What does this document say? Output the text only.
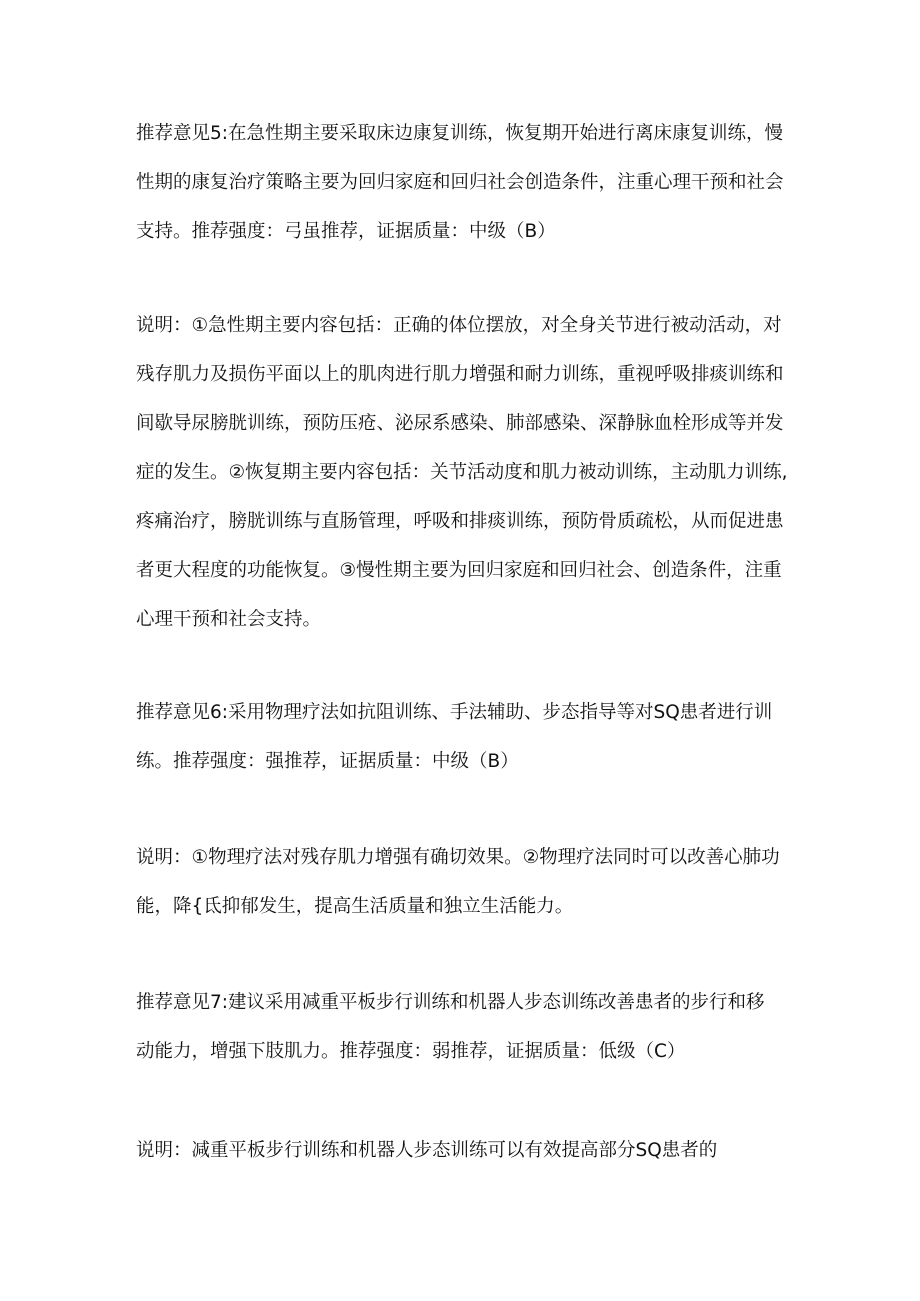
推荐意见5:在急性期主要采取床边康复训练，恢复期开始进行离床康复训练，慢
性期的康复治疗策略主要为回归家庭和回归社会创造条件，注重心理干预和社会
支持。推荐强度：弓虽推荐，证据质量：中级（B）
说明：①急性期主要内容包括：正确的体位摆放，对全身关节进行被动活动，对
残存肌力及损伤平面以上的肌肉进行肌力增强和耐力训练，重视呼吸排痰训练和
间歇导尿膀胱训练，预防压疮、泌尿系感染、肺部感染、深静脉血栓形成等并发
症的发生。②恢复期主要内容包括：关节活动度和肌力被动训练，主动肌力训练,
疼痛治疗，膀胱训练与直肠管理，呼吸和排痰训练，预防骨质疏松，从而促进患
者更大程度的功能恢复。③慢性期主要为回归家庭和回归社会、创造条件，注重
心理干预和社会支持。
推荐意见6:采用物理疗法如抗阻训练、手法辅助、步态指导等对SQ患者进行训
练。推荐强度：强推荐，证据质量：中级（B）
说明：①物理疗法对残存肌力增强有确切效果。②物理疗法同时可以改善心肺功
能，降{氐抑郁发生，提高生活质量和独立生活能力。
推荐意见7:建议采用减重平板步行训练和机器人步态训练改善患者的步行和移
动能力，增强下肢肌力。推荐强度：弱推荐，证据质量：低级（C）
说明：减重平板步行训练和机器人步态训练可以有效提高部分SQ患者的
